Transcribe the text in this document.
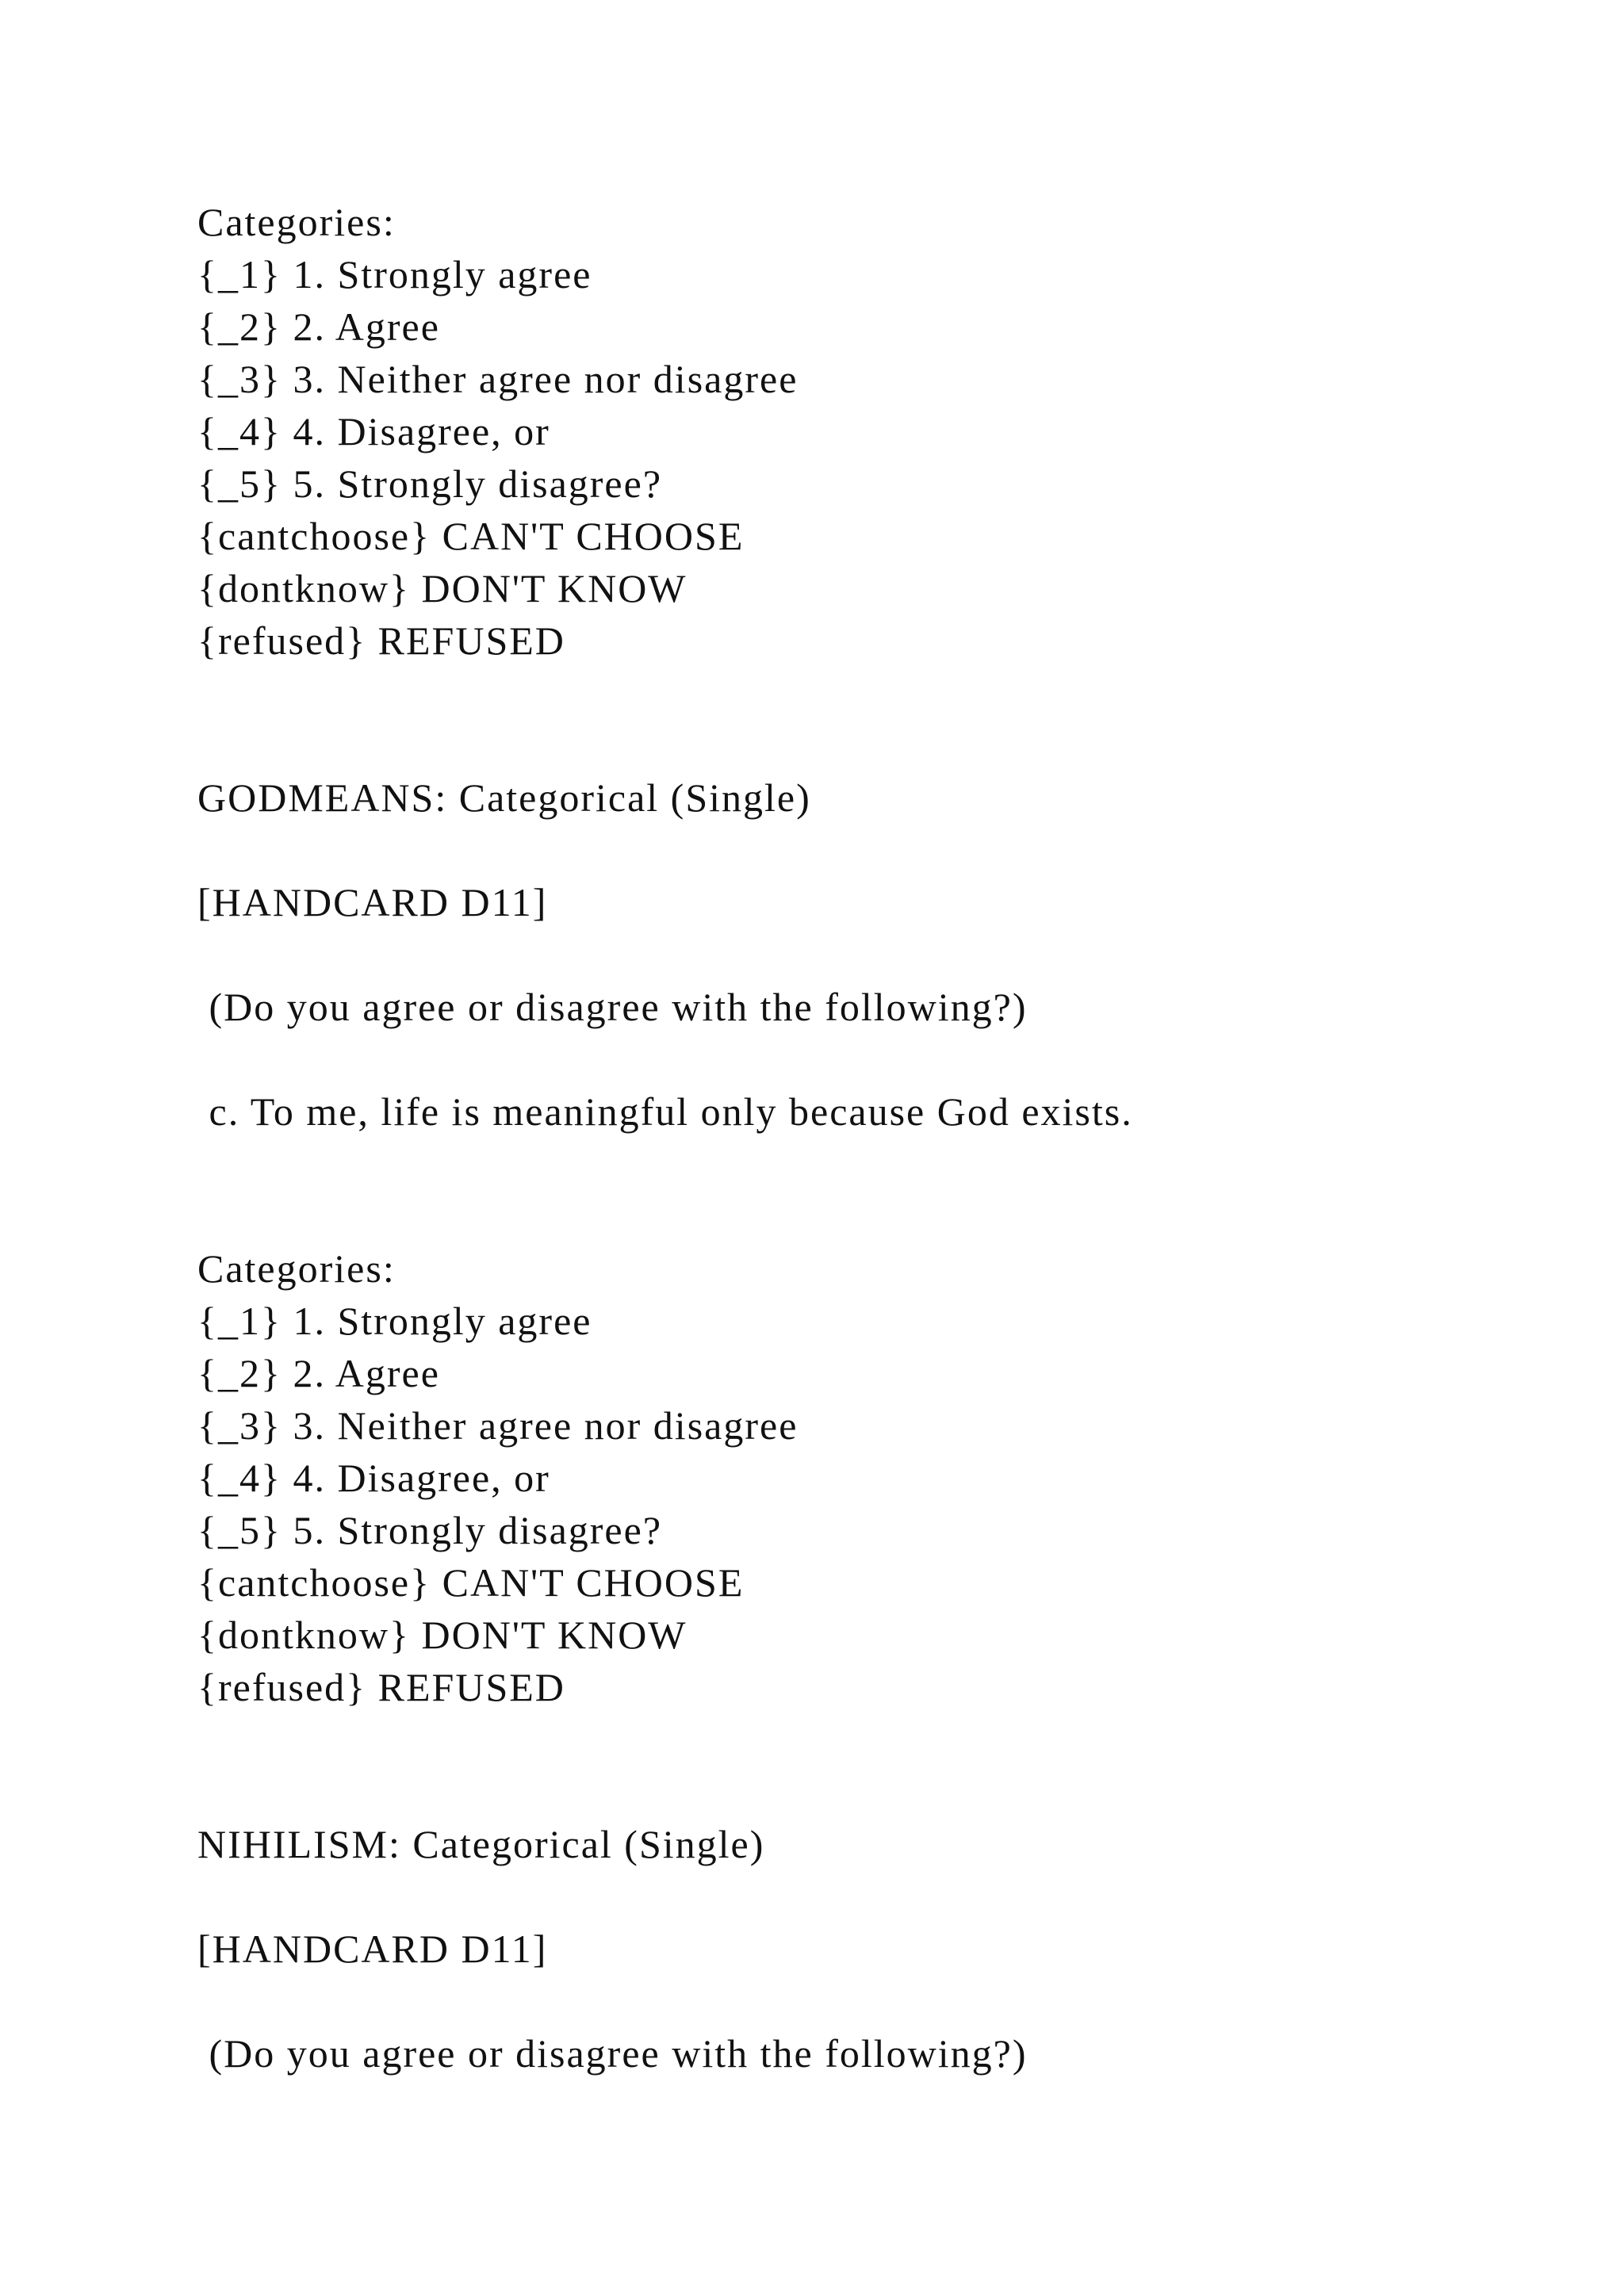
Categories:
{_1} 1. Strongly agree
{_2} 2. Agree
{_3} 3. Neither agree nor disagree
{_4} 4. Disagree, or
{_5} 5. Strongly disagree?
{cantchoose} CAN'T CHOOSE
{dontknow} DON'T KNOW
{refused} REFUSED
GODMEANS: Categorical (Single)
[HANDCARD D11]
(Do you agree or disagree with the following?)
c. To me, life is meaningful only because God exists.
Categories:
{_1} 1. Strongly agree
{_2} 2. Agree
{_3} 3. Neither agree nor disagree
{_4} 4. Disagree, or
{_5} 5. Strongly disagree?
{cantchoose} CAN'T CHOOSE
{dontknow} DON'T KNOW
{refused} REFUSED
NIHILISM: Categorical (Single)
[HANDCARD D11]
(Do you agree or disagree with the following?)
